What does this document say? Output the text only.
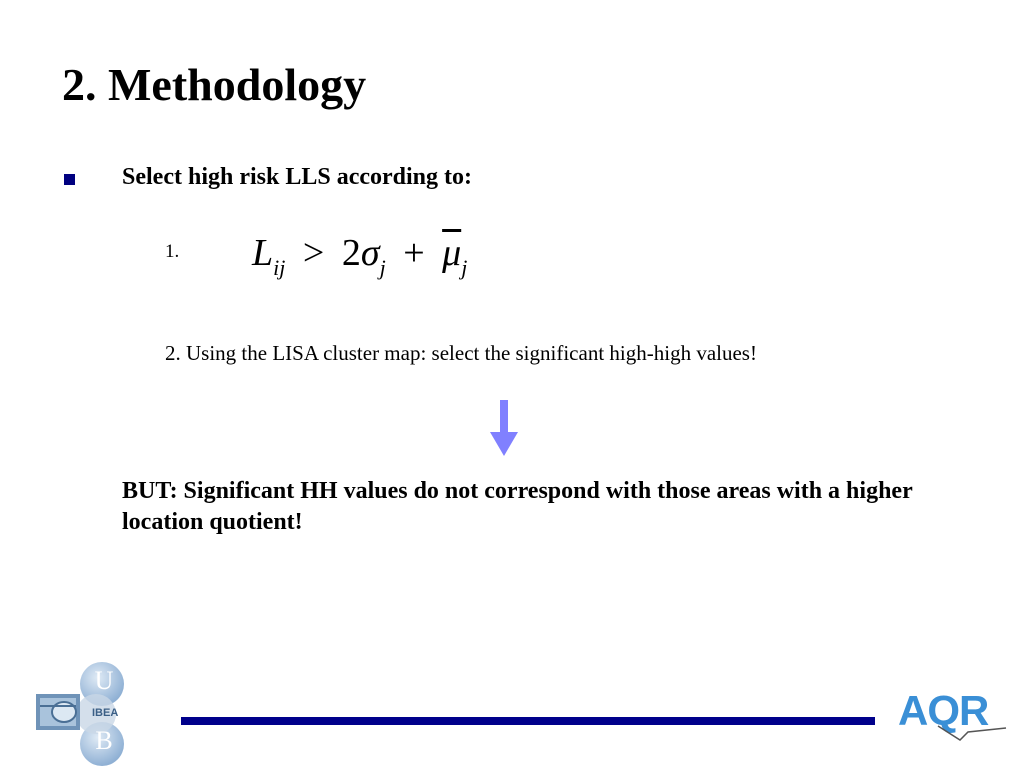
2. Methodology
Select high risk LLS according to:
1. $L_{ij} > 2\sigma_j + \overline{\mu}_j$
2. Using the LISA cluster map: select the significant high-high values!
BUT: Significant HH values do not correspond with those areas with a higher location quotient!
U
B
IBEA	AQR
